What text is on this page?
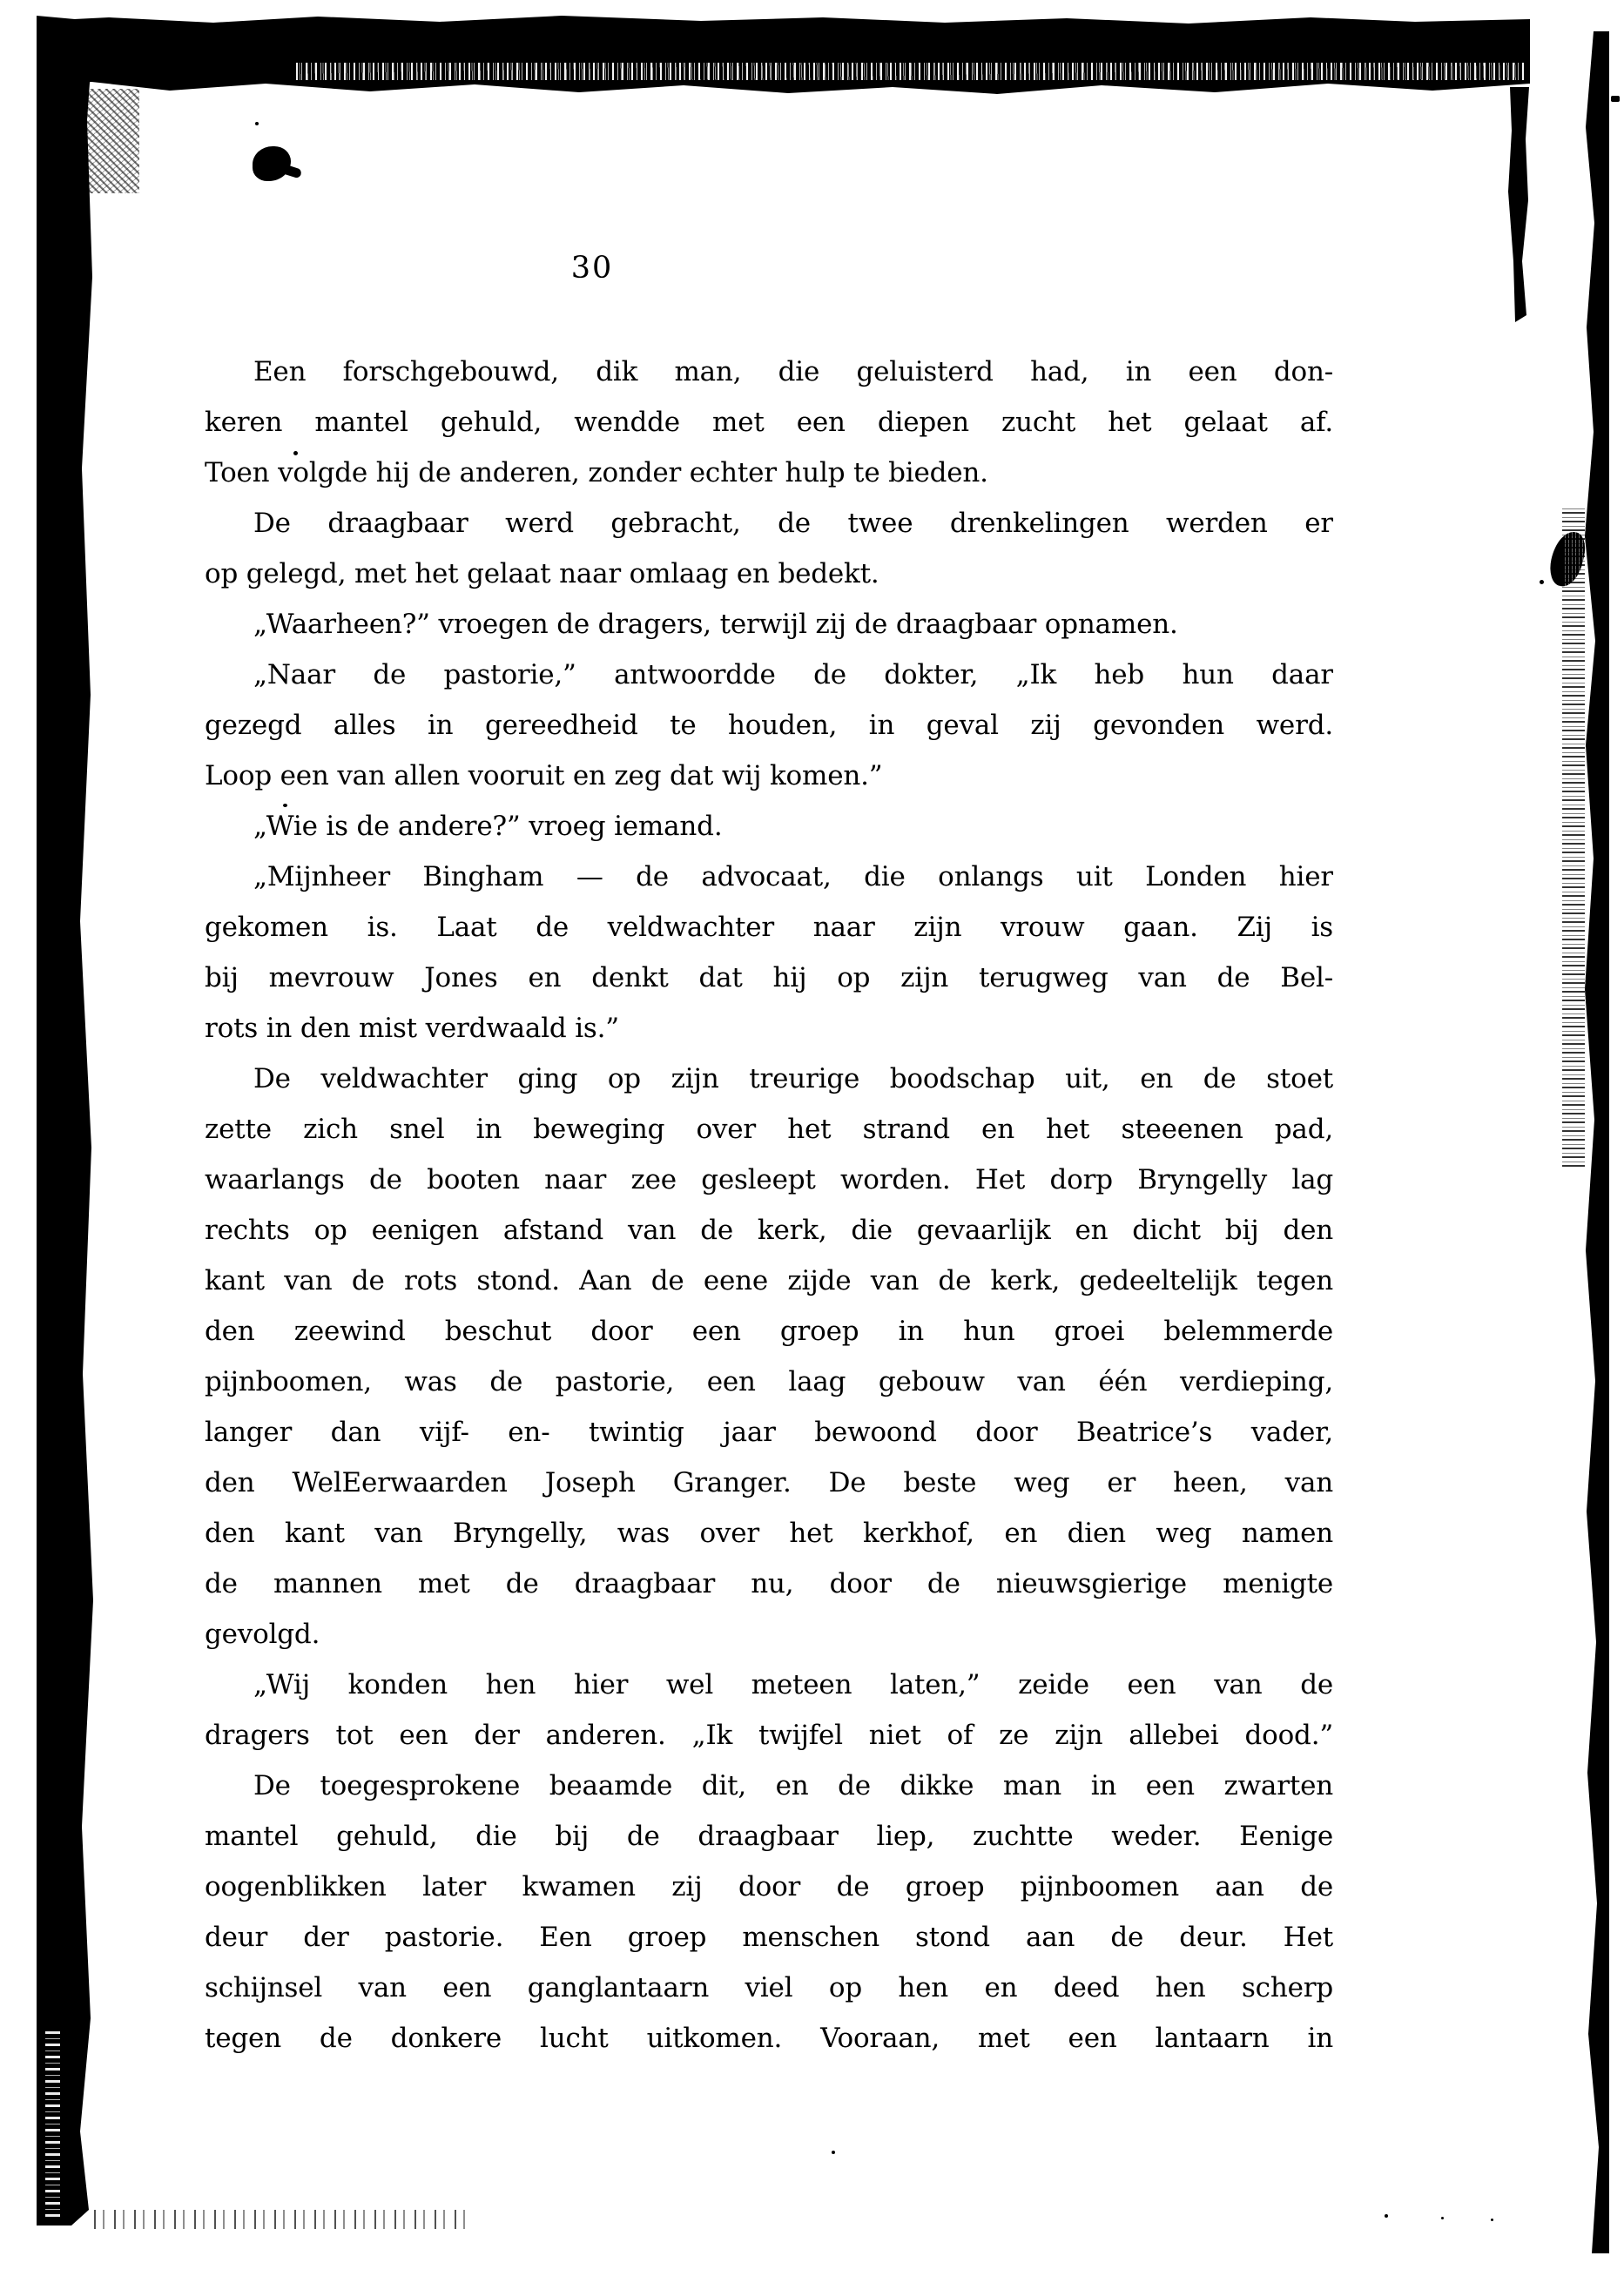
30
Een forschgebouwd, dik man, die geluisterd had, in een don-
keren mantel gehuld, wendde met een diepen zucht het gelaat af.
Toen volgde hij de anderen, zonder echter hulp te bieden.
De draagbaar werd gebracht, de twee drenkelingen werden er
op gelegd, met het gelaat naar omlaag en bedekt.
„Waarheen?” vroegen de dragers, terwijl zij de draagbaar opnamen.
„Naar de pastorie,” antwoordde de dokter, „Ik heb hun daar
gezegd alles in gereedheid te houden, in geval zij gevonden werd.
Loop een van allen vooruit en zeg dat wij komen.”
„Wie is de andere?” vroeg iemand.
„Mijnheer Bingham — de advocaat, die onlangs uit Londen hier
gekomen is. Laat de veldwachter naar zijn vrouw gaan. Zij is
bij mevrouw Jones en denkt dat hij op zijn terugweg van de Bel-
rots in den mist verdwaald is.”
De veldwachter ging op zijn treurige boodschap uit, en de stoet
zette zich snel in beweging over het strand en het steeenen pad,
waarlangs de booten naar zee gesleept worden. Het dorp Bryngelly lag
rechts op eenigen afstand van de kerk, die gevaarlijk en dicht bij den
kant van de rots stond. Aan de eene zijde van de kerk, gedeeltelijk tegen
den zeewind beschut door een groep in hun groei belemmerde
pijnboomen, was de pastorie, een laag gebouw van één verdieping,
langer dan vijf- en- twintig jaar bewoond door Beatrice’s vader,
den WelEerwaarden Joseph Granger. De beste weg er heen, van
den kant van Bryngelly, was over het kerkhof, en dien weg namen
de mannen met de draagbaar nu, door de nieuwsgierige menigte
gevolgd.
„Wij konden hen hier wel meteen laten,” zeide een van de
dragers tot een der anderen. „Ik twijfel niet of ze zijn allebei dood.”
De toegesprokene beaamde dit, en de dikke man in een zwarten
mantel gehuld, die bij de draagbaar liep, zuchtte weder. Eenige
oogenblikken later kwamen zij door de groep pijnboomen aan de
deur der pastorie. Een groep menschen stond aan de deur. Het
schijnsel van een ganglantaarn viel op hen en deed hen scherp
tegen de donkere lucht uitkomen. Vooraan, met een lantaarn in
